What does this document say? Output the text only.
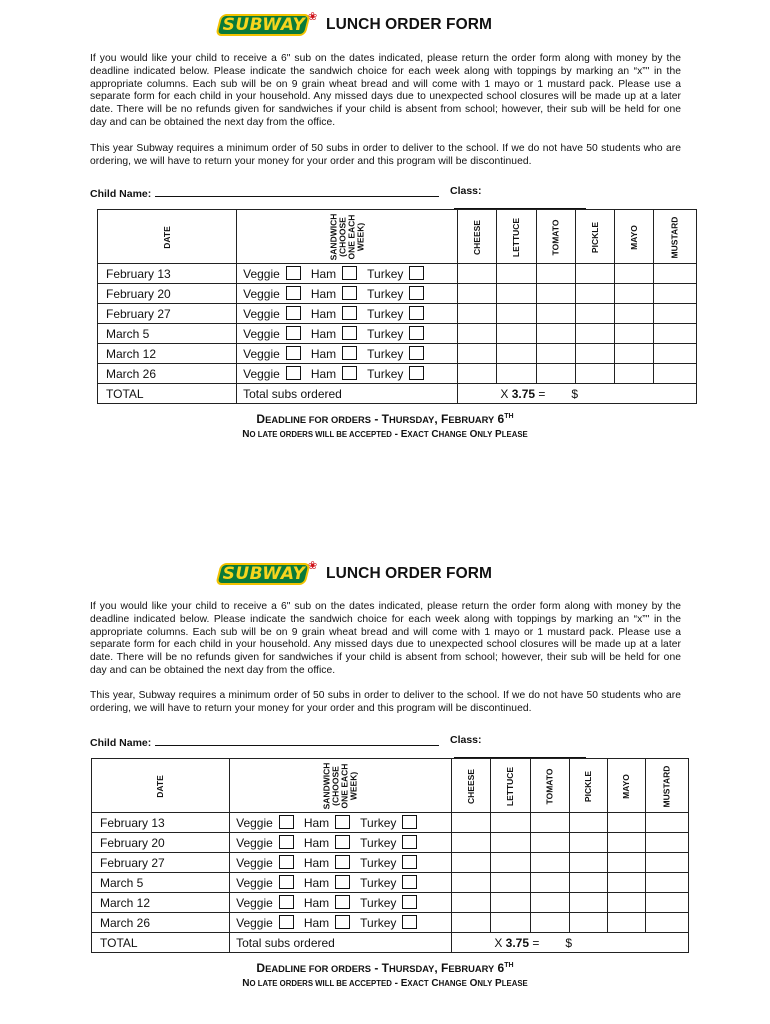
SUBWAY ❀ LUNCH ORDER FORM
If you would like your child to receive a 6" sub on the dates indicated, please return the order form along with money by the deadline indicated below. Please indicate the sandwich choice for each week along with toppings by marking an “x”" in the appropriate columns. Each sub will be on 9 grain wheat bread and will come with 1 mayo or 1 mustard pack. Please use a separate form for each child in your household. Any missed days due to unexpected school closures will be made up at a later date. There will be no refunds given for sandwiches if your child is absent from school; however, their sub will be held for one day and can be obtained the next day from the office.
This year Subway requires a minimum order of 50 subs in order to deliver to the school. If we do not have 50 students who are ordering, we will have to return your money for your order and this program will be discontinued.
Child Name:	Class:
DATE	SANDWICH
(CHOOSE
ONE EACH
WEEK)	CHEESE	LETTUCE	TOMATO	PICKLE	MAYO	MUSTARD
February 13	Veggie Ham Turkey						
February 20	Veggie Ham Turkey						
February 27	Veggie Ham Turkey						
March 5	Veggie Ham Turkey						
March 12	Veggie Ham Turkey						
March 26	Veggie Ham Turkey						
TOTAL	Total subs ordered	X 3.75 = $					
DEADLINE FOR ORDERS - THURSDAY, FEBRUARY 6TH
NO LATE ORDERS WILL BE ACCEPTED - EXACT CHANGE ONLY PLEASE
SUBWAY ❀ LUNCH ORDER FORM
If you would like your child to receive a 6" sub on the dates indicated, please return the order form along with money by the deadline indicated below. Please indicate the sandwich choice for each week along with toppings by marking an “x”" in the appropriate columns. Each sub will be on 9 grain wheat bread and will come with 1 mayo or 1 mustard pack. Please use a separate form for each child in your household. Any missed days due to unexpected school closures will be made up at a later date. There will be no refunds given for sandwiches if your child is absent from school; however, their sub will be held for one day and can be obtained the next day from the office.
This year, Subway requires a minimum order of 50 subs in order to deliver to the school. If we do not have 50 students who are ordering, we will have to return your money for your order and this program will be discontinued.
Child Name:	Class:
DATE	SANDWICH
(CHOOSE
ONE EACH
WEEK)	CHEESE	LETTUCE	TOMATO	PICKLE	MAYO	MUSTARD
February 13	Veggie Ham Turkey						
February 20	Veggie Ham Turkey						
February 27	Veggie Ham Turkey						
March 5	Veggie Ham Turkey						
March 12	Veggie Ham Turkey						
March 26	Veggie Ham Turkey						
TOTAL	Total subs ordered	X 3.75 = $					
DEADLINE FOR ORDERS - THURSDAY, FEBRUARY 6TH
NO LATE ORDERS WILL BE ACCEPTED - EXACT CHANGE ONLY PLEASE
